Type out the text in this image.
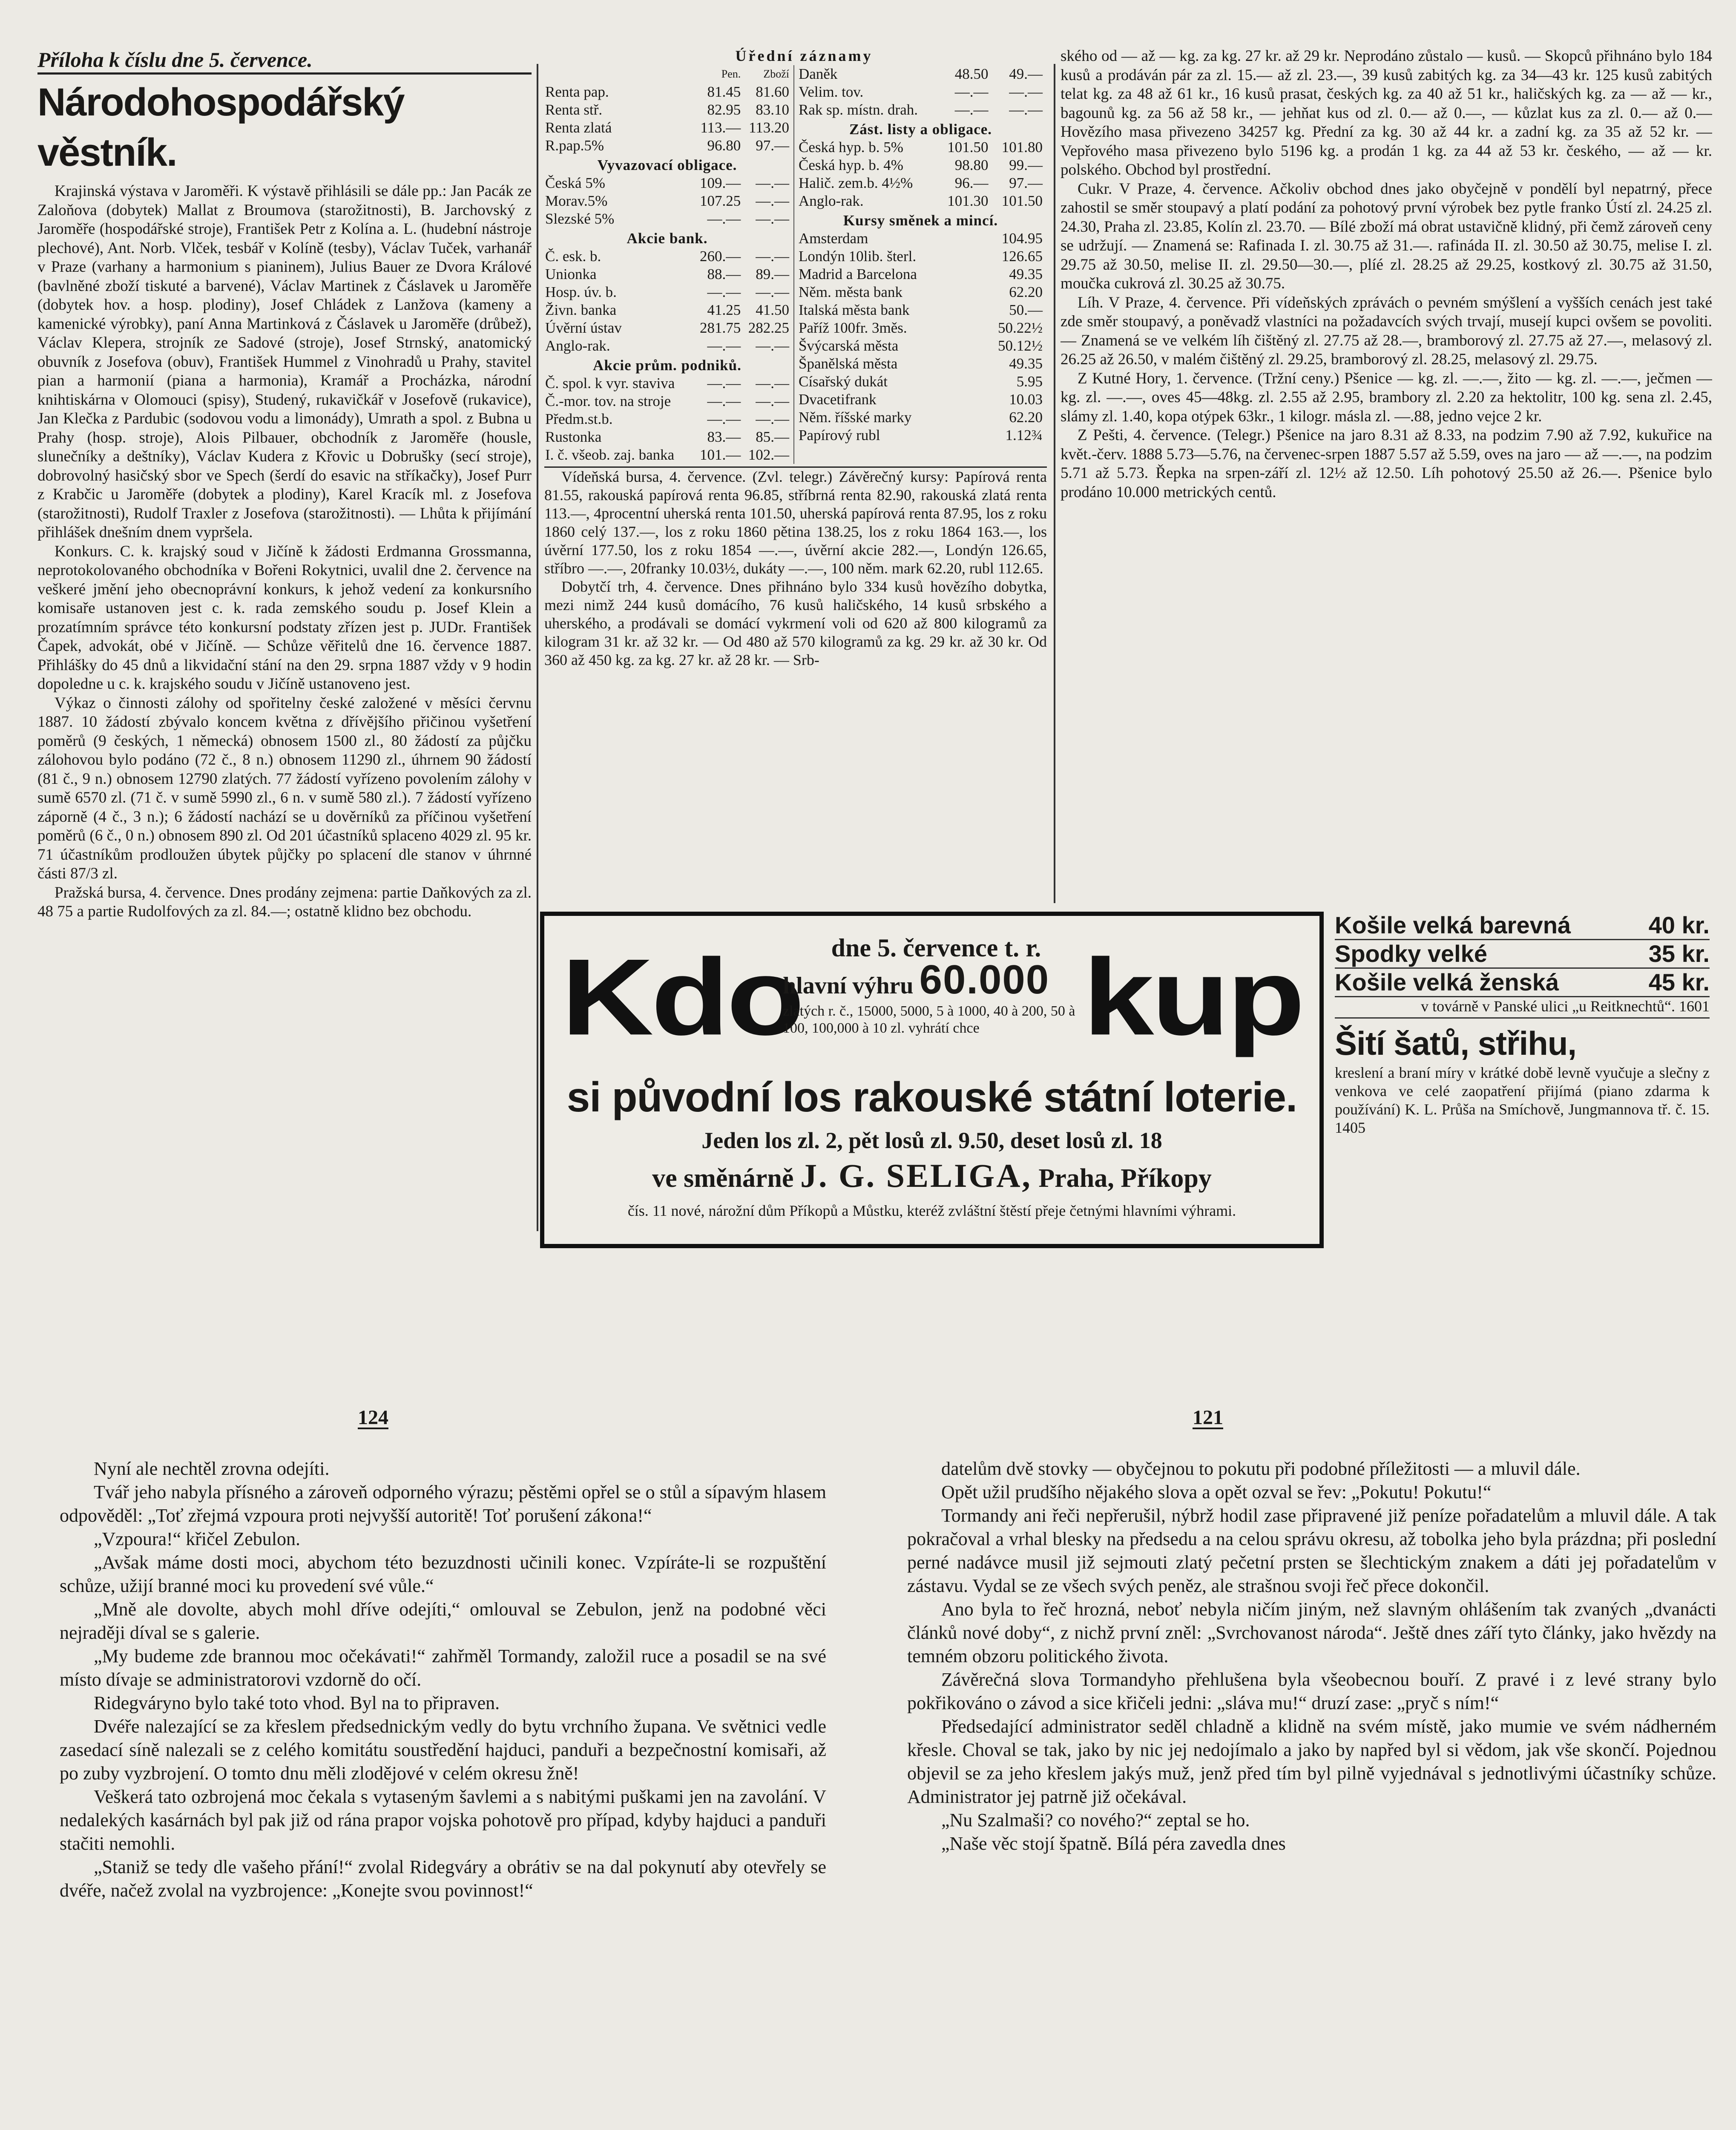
Příloha k číslu dne 5. července.

Národohospodářský věstník.

Krajinská výstava v Jaroměři. K výstavě přihlásili se dále pp.: Jan Pacák ze Zaloňova (dobytek) Mallat z Broumova (starožitnosti), B. Jarchovský z Jaroměře (hospodářské stroje), František Petr z Kolína a. L. (hudební nástroje plechové), Ant. Norb. Vlček, tesbář v Kolíně (tesby), Václav Tuček, varhanář v Praze (varhany a harmonium s pianinem), Julius Bauer ze Dvora Králové (bavlněné zboží tiskuté a barvené), Václav Martinek z Čáslavek u Jaroměře (dobytek hov. a hosp. plodiny), Josef Chládek z Lanžova (kameny a kamenické výrobky), paní Anna Martinková z Čáslavek u Jaroměře (drůbež), Václav Klepera, strojník ze Sadové (stroje), Josef Strnský, anatomický obuvník z Josefova (obuv), František Hummel z Vinohradů u Prahy, stavitel pian a harmonií (piana a harmonia), Kramář a Procházka, národní knihtiskárna v Olomouci (spisy), Studený, rukavičkář v Josefově (rukavice), Jan Klečka z Pardubic (sodovou vodu a limonády), Umrath a spol. z Bubna u Prahy (hosp. stroje), Alois Pilbauer, obchodník z Jaroměře (housle, slunečníky a deštníky), Václav Kudera z Křovic u Dobrušky (secí stroje), dobrovolný hasičský sbor ve Spech (šerdí do esavic na stříkačky), Josef Purr z Krabčic u Jaroměře (dobytek a plodiny), Karel Kracík ml. z Josefova (starožitnosti), Rudolf Traxler z Josefova (starožitnosti). — Lhůta k přijímání přihlášek dnešním dnem vypršela.

Konkurs. C. k. krajský soud v Jičíně k žádosti Erdmanna Grossmanna, neprotokolovaného obchodníka v Bořeni Rokytnici, uvalil dne 2. července na veškeré jmění jeho obecnoprávní konkurs, k jehož vedení za konkursního komisaře ustanoven jest c. k. rada zemského soudu p. Josef Klein a prozatímním správce této konkursní podstaty zřízen jest p. JUDr. František Čapek, advokát, obé v Jičíně. — Schůze věřitelů dne 16. července 1887. Přihlášky do 45 dnů a likvidační stání na den 29. srpna 1887 vždy v 9 hodin dopoledne u c. k. krajského soudu v Jičíně ustanoveno jest.

Výkaz o činnosti zálohy od spořitelny české založené v měsíci červnu 1887. 10 žádostí zbývalo koncem května z dřívějšího přičinou vyšetření poměrů (9 českých, 1 německá) obnosem 1500 zl., 80 žádostí za půjčku zálohovou bylo podáno (72 č., 8 n.) obnosem 11290 zl., úhrnem 90 žádostí (81 č., 9 n.) obnosem 12790 zlatých. 77 žádostí vyřízeno povolením zálohy v sumě 6570 zl. (71 č. v sumě 5990 zl., 6 n. v sumě 580 zl.). 7 žádostí vyřízeno záporně (4 č., 3 n.); 6 žádostí nachází se u dověrníků za příčinou vyšetření poměrů (6 č., 0 n.) obnosem 890 zl. Od 201 účastníků splaceno 4029 zl. 95 kr. 71 účastníkům prodloužen úbytek půjčky po splacení dle stanov v úhrnné části 87/3 zl.

Pražská bursa, 4. července. Dnes prodány zejmena: partie Daňkových za zl. 48 75 a partie Rudolfových za zl. 84.—; ostatně klidno bez obchodu.

Úřední záznamy

	Pen.	Zboží
Renta pap.	81.45	81.60
Renta stř.	82.95	83.10
Renta zlatá	113.—	113.20
R.pap.5%	96.80	97.—
Vyvazovací obligace.		
Česká 5%	109.—	—.—
Morav.5%	107.25	—.—
Slezské 5%	—.—	—.—
Akcie bank.		
Č. esk. b.	260.—	—.—
Unionka	88.—	89.—
Hosp. úv. b.	—.—	—.—
Živn. banka	41.25	41.50
Úvěrní ústav	281.75	282.25
Anglo-rak.	—.—	—.—
Akcie prům. podniků.		
Č. spol. k vyr. staviva	—.—	—.—
Č.-mor. tov. na stroje	—.—	—.—
Předm.st.b.	—.—	—.—
Rustonka	83.—	85.—
I. č. všeob. zaj. banka	101.—	102.—
Daněk	48.50	49.—
Velim. tov.	—.—	—.—
Rak sp. místn. drah.	—.—	—.—
Zást. listy a obligace.		
Česká hyp. b. 5%	101.50	101.80
Česká hyp. b. 4%	98.80	99.—
Halič. zem.b. 4½%	96.—	97.—
Anglo-rak.	101.30	101.50
Kursy směnek a mincí.		
Amsterdam		104.95
Londýn 10lib. šterl.		126.65
Madrid a Barcelona		49.35
Něm. města bank		62.20
Italská města bank		50.—
Paříž 100fr. 3měs.		50.22½
Švýcarská města		50.12½
Španělská města		49.35
Císařský dukát		5.95
Dvacetifrank		10.03
Něm. říšské marky		62.20
Papírový rubl		1.12¾

Vídeňská bursa, 4. července. (Zvl. telegr.) Závěrečný kursy: Papírová renta 81.55, rakouská papírová renta 96.85, stříbrná renta 82.90, rakouská zlatá renta 113.—, 4procentní uherská renta 101.50, uherská papírová renta 87.95, los z roku 1860 celý 137.—, los z roku 1860 pětina 138.25, los z roku 1864 163.—, los úvěrní 177.50, los z roku 1854 —.—, úvěrní akcie 282.—, Londýn 126.65, stříbro —.—, 20franky 10.03½, dukáty —.—, 100 něm. mark 62.20, rubl 112.65.

Dobytčí trh, 4. července. Dnes přihnáno bylo 334 kusů hovězího dobytka, mezi nimž 244 kusů domácího, 76 kusů haličského, 14 kusů srbského a uherského, a prodávali se domácí vykrmení voli od 620 až 800 kilogramů za kilogram 31 kr. až 32 kr. — Od 480 až 570 kilogramů za kg. 29 kr. až 30 kr. Od 360 až 450 kg. za kg. 27 kr. až 28 kr. — Srb-

ského od — až — kg. za kg. 27 kr. až 29 kr. Neprodáno zůstalo — kusů. — Skopců přihnáno bylo 184 kusů a prodáván pár za zl. 15.— až zl. 23.—, 39 kusů zabitých kg. za 34—43 kr. 125 kusů zabitých telat kg. za 48 až 61 kr., 16 kusů prasat, českých kg. za 40 až 51 kr., haličských kg. za — až — kr., bagounů kg. za 56 až 58 kr., — jehňat kus od zl. 0.— až 0.—, — kůzlat kus za zl. 0.— až 0.— Hovězího masa přivezeno 34257 kg. Přední za kg. 30 až 44 kr. a zadní kg. za 35 až 52 kr. — Vepřového masa přivezeno bylo 5196 kg. a prodán 1 kg. za 44 až 53 kr. českého, — až — kr. polského. Obchod byl prostřední.

Cukr. V Praze, 4. července. Ačkoliv obchod dnes jako obyčejně v pondělí byl nepatrný, přece zahostil se směr stoupavý a platí podání za pohotový první výrobek bez pytle franko Ústí zl. 24.25 zl. 24.30, Praha zl. 23.85, Kolín zl. 23.70. — Bílé zboží má obrat ustavičně klidný, při čemž zároveň ceny se udržují. — Znamená se: Rafinada I. zl. 30.75 až 31.—. rafináda II. zl. 30.50 až 30.75, melise I. zl. 29.75 až 30.50, melise II. zl. 29.50—30.—, plíé zl. 28.25 až 29.25, kostkový zl. 30.75 až 31.50, moučka cukrová zl. 30.25 až 30.75.

Líh. V Praze, 4. července. Při vídeňských zprávách o pevném smýšlení a vyšších cenách jest také zde směr stoupavý, a poněvadž vlastníci na požadavcích svých trvají, musejí kupci ovšem se povoliti. — Znamená se ve velkém líh čištěný zl. 27.75 až 28.—, bramborový zl. 27.75 až 27.—, melasový zl. 26.25 až 26.50, v malém čištěný zl. 29.25, bramborový zl. 28.25, melasový zl. 29.75.

Z Kutné Hory, 1. července. (Tržní ceny.) Pšenice — kg. zl. —.—, žito — kg. zl. —.—, ječmen — kg. zl. —.—, oves 45—48kg. zl. 2.55 až 2.95, brambory zl. 2.20 za hektolitr, 100 kg. sena zl. 2.45, slámy zl. 1.40, kopa otýpek 63kr., 1 kilogr. másla zl. —.88, jedno vejce 2 kr.

Z Pešti, 4. července. (Telegr.) Pšenice na jaro 8.31 až 8.33, na podzim 7.90 až 7.92, kukuřice na květ.-červ. 1888 5.73—5.76, na červenec-srpen 1887 5.57 až 5.59, oves na jaro — až —.—, na podzim 5.71 až 5.73. Řepka na srpen-září zl. 12½ až 12.50. Líh pohotový 25.50 až 26.—. Pšenice bylo prodáno 10.000 metrických centů.

Kdo kup
dne 5. července t. r.
hlavní výhru 60.000
zlatých r. č., 15000, 5000, 5 à 1000, 40 à 200, 50 à 100, 100,000 à 10 zl. vyhrátí chce
si původní los rakouské státní loterie.
Jeden los zl. 2, pět losů zl. 9.50, deset losů zl. 18
ve směnárně J. G. SELIGA, Praha, Příkopy
čís. 11 nové, nárožní dům Příkopů a Můstku, kteréž zvláštní štěstí přeje četnými hlavními výhrami.
Košile velká barevná	40 kr.
Spodky velké	35 kr.
Košile velká ženská	45 kr.
v továrně v Panské ulici „u Reitknechtů“. 1601
Šití šatů, střihu,

kreslení a braní míry v krátké době levně vyučuje a slečny z venkova ve celé zaopatření přijímá (piano zdarma k používání) K. L. Průša na Smíchově, Jungmannova tř. č. 15. 1405

124	121

Nyní ale nechtěl zrovna odejíti.

Tvář jeho nabyla přísného a zároveň odporného výrazu; pěstěmi opřel se o stůl a sípavým hlasem odpověděl: „Toť zřejmá vzpoura proti nejvyšší autoritě! Toť porušení zákona!“

„Vzpoura!“ křičel Zebulon.

„Avšak máme dosti moci, abychom této bezuzdnosti učinili konec. Vzpíráte-li se rozpuštění schůze, užijí branné moci ku provedení své vůle.“

„Mně ale dovolte, abych mohl dříve odejíti,“ omlouval se Zebulon, jenž na podobné věci nejraději díval se s galerie.

„My budeme zde brannou moc očekávati!“ zahřměl Tormandy, založil ruce a posadil se na své místo dívaje se administratorovi vzdorně do očí.

Ridegváryno bylo také toto vhod. Byl na to připraven.

Dvéře nalezající se za křeslem předsednickým vedly do bytu vrchního župana. Ve světnici vedle zasedací síně nalezali se z celého komitátu soustředění hajduci, panduři a bezpečnostní komisaři, až po zuby vyzbrojení. O tomto dnu měli zlodějové v celém okresu žně!

Veškerá tato ozbrojená moc čekala s vytaseným šavlemi a s nabitými puškami jen na zavolání. V nedalekých kasárnách byl pak již od rána prapor vojska pohotově pro případ, kdyby hajduci a panduři stačiti nemohli.

„Staniž se tedy dle vašeho přání!“ zvolal Ridegváry a obrátiv se na dal pokynutí aby otevřely se dvéře, načež zvolal na vyzbrojence: „Konejte svou povinnost!“

datelům dvě stovky — obyčejnou to pokutu při podobné příležitosti — a mluvil dále.

Opět užil prudšího nějakého slova a opět ozval se řev: „Pokutu! Pokutu!“

Tormandy ani řeči nepřerušil, nýbrž hodil zase připravené již peníze pořadatelům a mluvil dále. A tak pokračoval a vrhal blesky na předsedu a na celou správu okresu, až tobolka jeho byla prázdna; při poslední perné nadávce musil již sejmouti zlatý pečetní prsten se šlechtickým znakem a dáti jej pořadatelům v zástavu. Vydal se ze všech svých peněz, ale strašnou svoji řeč přece dokončil.

Ano byla to řeč hrozná, neboť nebyla ničím jiným, než slavným ohlášením tak zvaných „dvanácti článků nové doby“, z nichž první zněl: „Svrchovanost národa“. Ještě dnes září tyto články, jako hvězdy na temném obzoru politického života.

Závěrečná slova Tormandyho přehlušena byla všeobecnou bouří. Z pravé i z levé strany bylo pokřikováno o závod a sice křičeli jedni: „sláva mu!“ druzí zase: „pryč s ním!“

Předsedající administrator seděl chladně a klidně na svém místě, jako mumie ve svém nádherném křesle. Choval se tak, jako by nic jej nedojímalo a jako by napřed byl si vědom, jak vše skončí. Pojednou objevil se za jeho křeslem jakýs muž, jenž před tím byl pilně vyjednával s jednotlivými účastníky schůze. Administrator jej patrně již očekával.

„Nu Szalmaši? co nového?“ zeptal se ho.

„Naše věc stojí špatně. Bílá péra zavedla dnes
